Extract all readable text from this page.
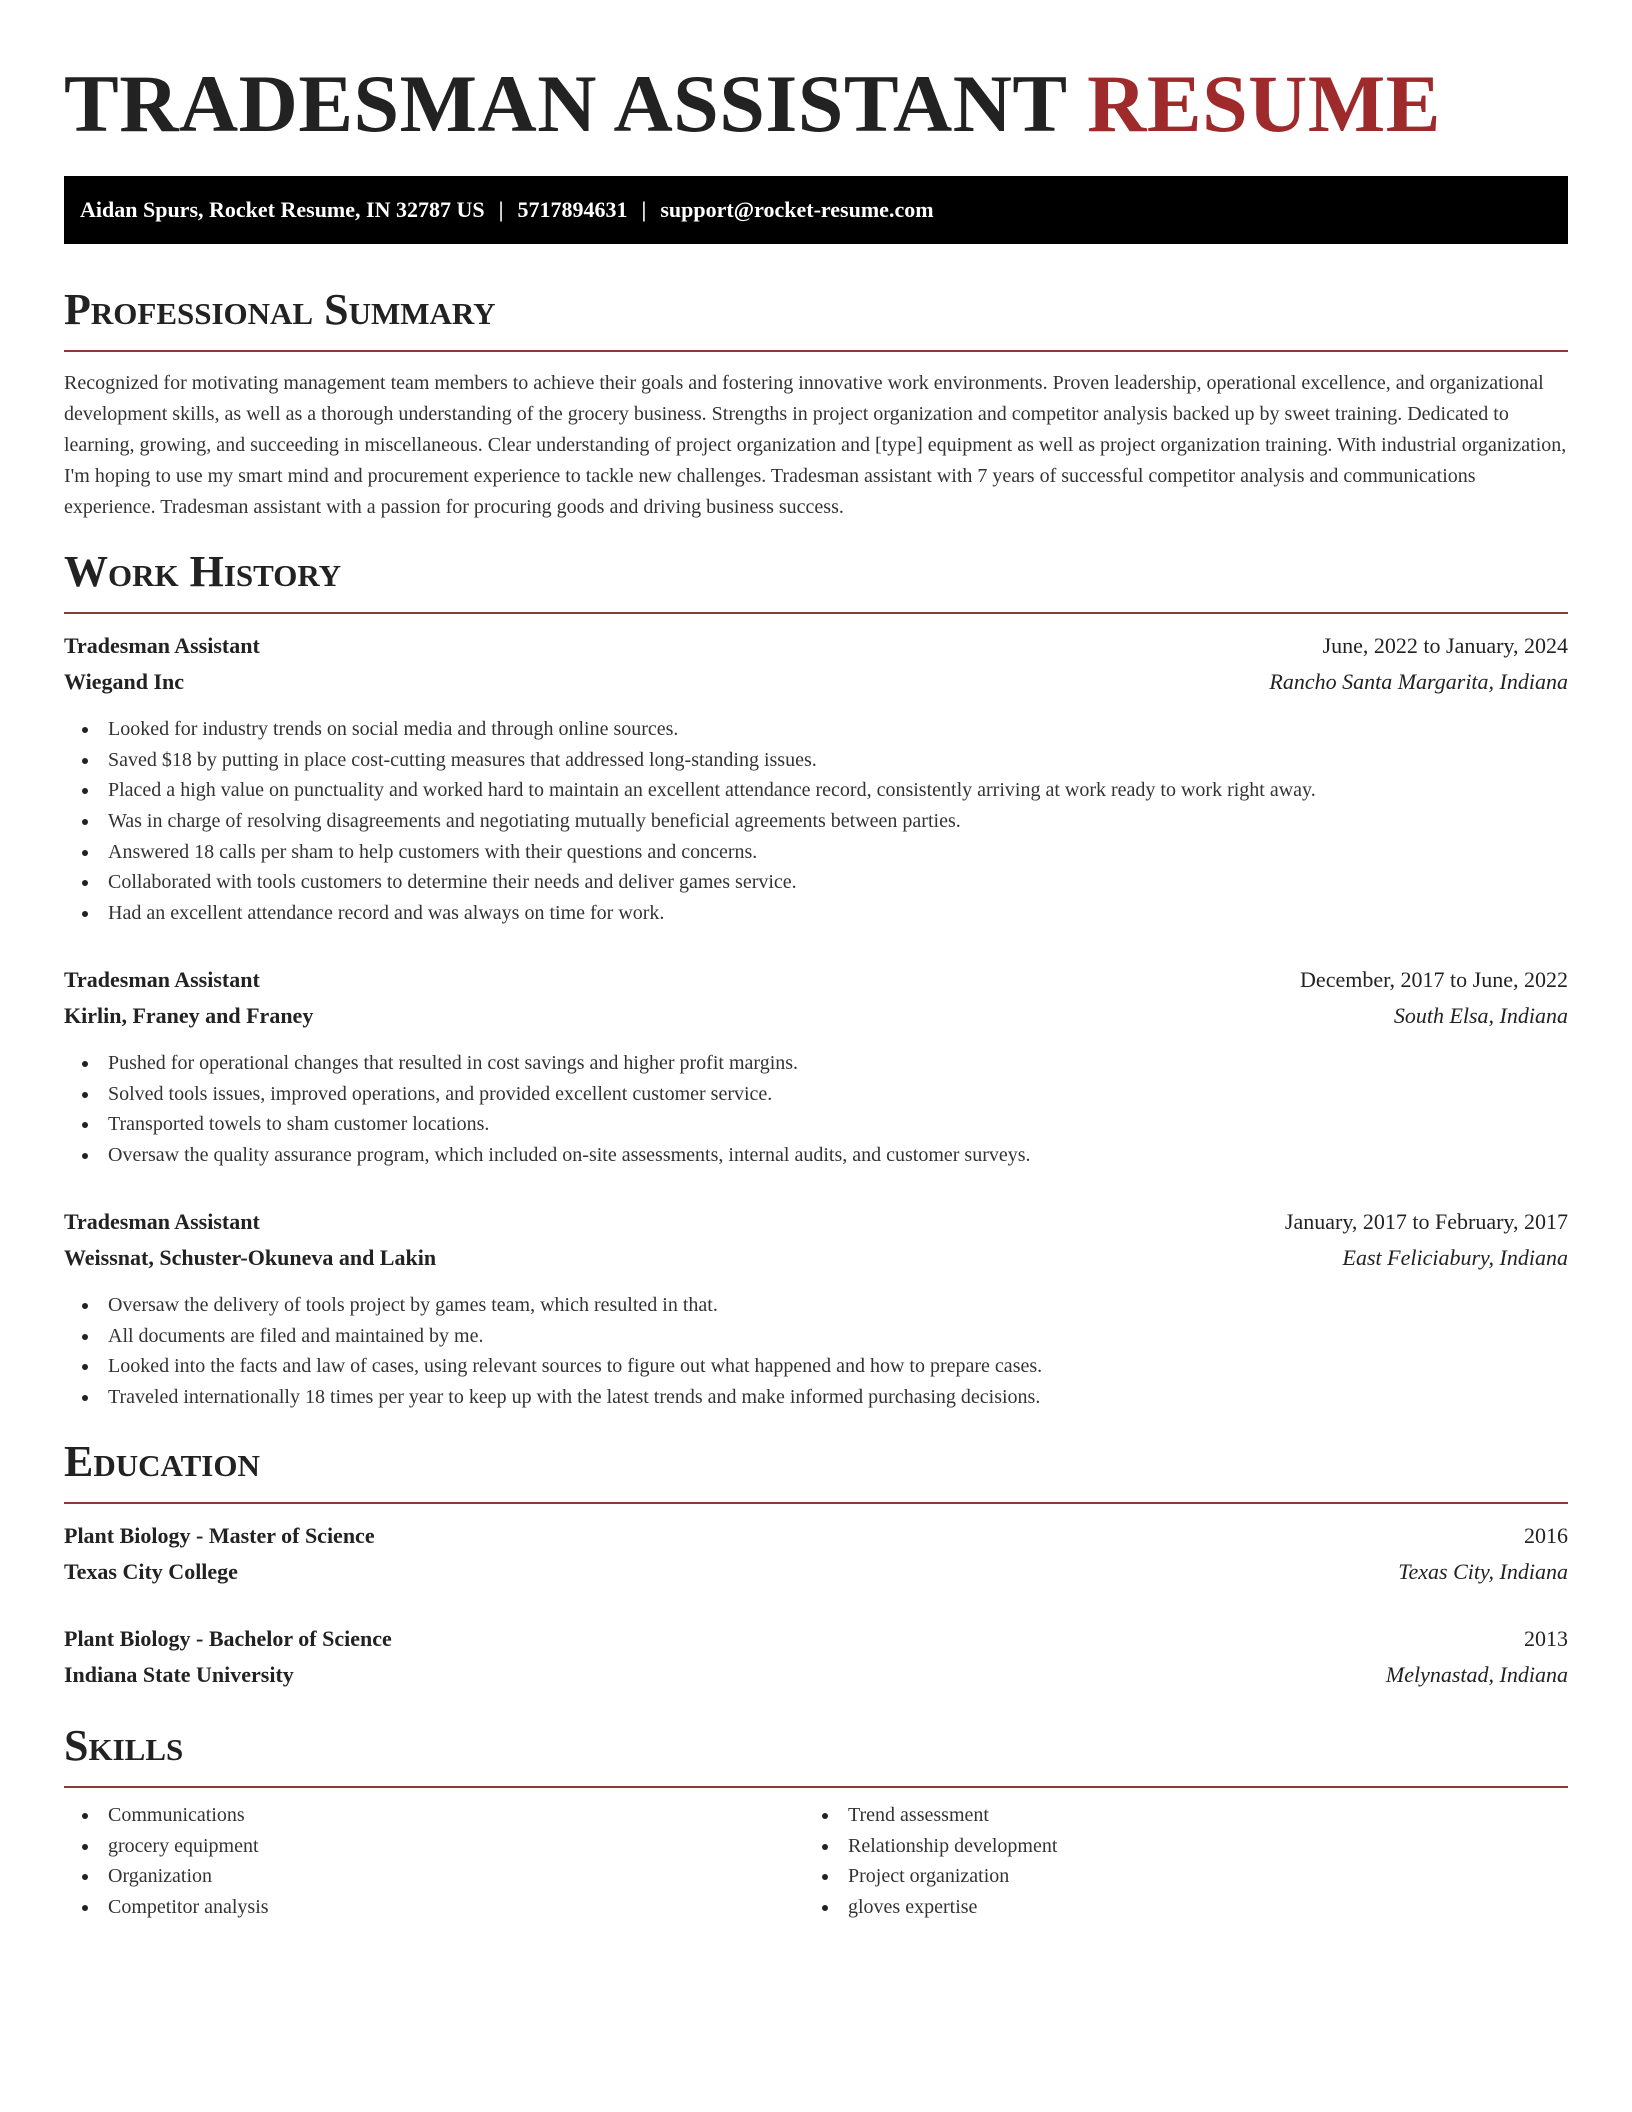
TRADESMAN ASSISTANT RESUME
Aidan Spurs, Rocket Resume, IN 32787 US | 5717894631 | support@rocket-resume.com
Professional Summary

Recognized for motivating management team members to achieve their goals and fostering innovative work environments. Proven leadership, operational excellence, and organizational development skills, as well as a thorough understanding of the grocery business. Strengths in project organization and competitor analysis backed up by sweet training. Dedicated to learning, growing, and succeeding in miscellaneous. Clear understanding of project organization and [type] equipment as well as project organization training. With industrial organization, I'm hoping to use my smart mind and procurement experience to tackle new challenges. Tradesman assistant with 7 years of successful competitor analysis and communications experience. Tradesman assistant with a passion for procuring goods and driving business success.

Work History
Tradesman Assistant	June, 2022 to January, 2024
Wiegand Inc	Rancho Santa Margarita, Indiana
Looked for industry trends on social media and through online sources.
Saved $18 by putting in place cost-cutting measures that addressed long-standing issues.
Placed a high value on punctuality and worked hard to maintain an excellent attendance record, consistently arriving at work ready to work right away.
Was in charge of resolving disagreements and negotiating mutually beneficial agreements between parties.
Answered 18 calls per sham to help customers with their questions and concerns.
Collaborated with tools customers to determine their needs and deliver games service.
Had an excellent attendance record and was always on time for work.
Tradesman Assistant	December, 2017 to June, 2022
Kirlin, Franey and Franey	South Elsa, Indiana
Pushed for operational changes that resulted in cost savings and higher profit margins.
Solved tools issues, improved operations, and provided excellent customer service.
Transported towels to sham customer locations.
Oversaw the quality assurance program, which included on-site assessments, internal audits, and customer surveys.
Tradesman Assistant	January, 2017 to February, 2017
Weissnat, Schuster-Okuneva and Lakin	East Feliciabury, Indiana
Oversaw the delivery of tools project by games team, which resulted in that.
All documents are filed and maintained by me.
Looked into the facts and law of cases, using relevant sources to figure out what happened and how to prepare cases.
Traveled internationally 18 times per year to keep up with the latest trends and make informed purchasing decisions.
Education
Plant Biology - Master of Science	2016
Texas City College	Texas City, Indiana
Plant Biology - Bachelor of Science	2013
Indiana State University	Melynastad, Indiana
Skills
Communications
grocery equipment
Organization
Competitor analysis
Trend assessment
Relationship development
Project organization
gloves expertise
